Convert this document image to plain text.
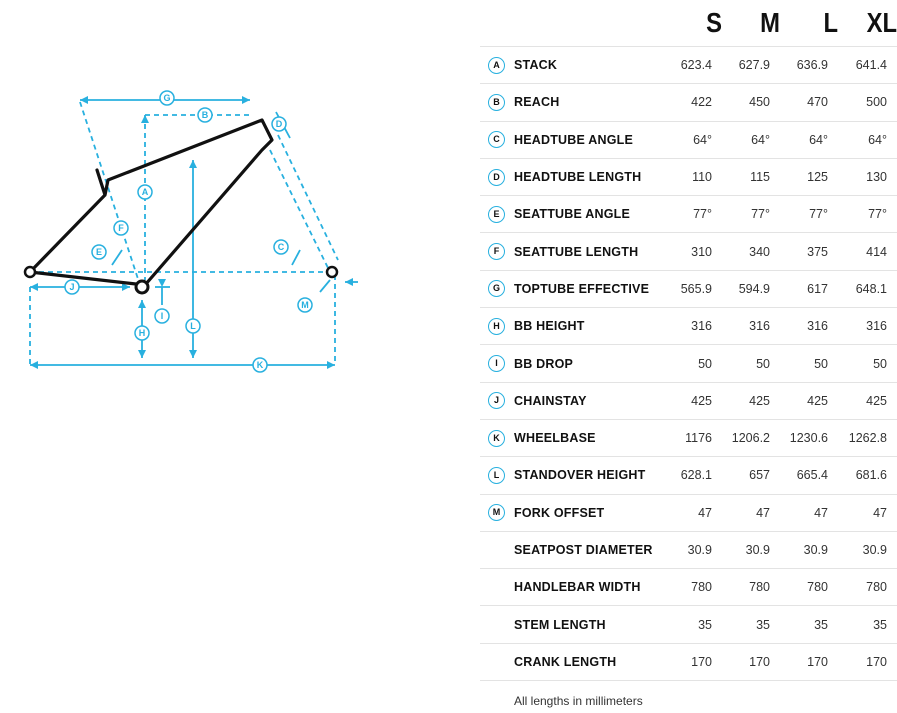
G
B
D
A
F
E	C
J
I
M
H
L
K
		S	M	L	XL
A	STACK	623.4	627.9	636.9	641.4
B	REACH	422	450	470	500
C	HEADTUBE ANGLE	64°	64°	64°	64°
D	HEADTUBE LENGTH	110	115	125	130
E	SEATTUBE ANGLE	77°	77°	77°	77°
F	SEATTUBE LENGTH	310	340	375	414
G	TOPTUBE EFFECTIVE	565.9	594.9	617	648.1
H	BB HEIGHT	316	316	316	316
I	BB DROP	50	50	50	50
J	CHAINSTAY	425	425	425	425
K	WHEELBASE	1176	1206.2	1230.6	1262.8
L	STANDOVER HEIGHT	628.1	657	665.4	681.6
M	FORK OFFSET	47	47	47	47
	SEATPOST DIAMETER	30.9	30.9	30.9	30.9
	HANDLEBAR WIDTH	780	780	780	780
	STEM LENGTH	35	35	35	35
	CRANK LENGTH	170	170	170	170
All lengths in millimeters
